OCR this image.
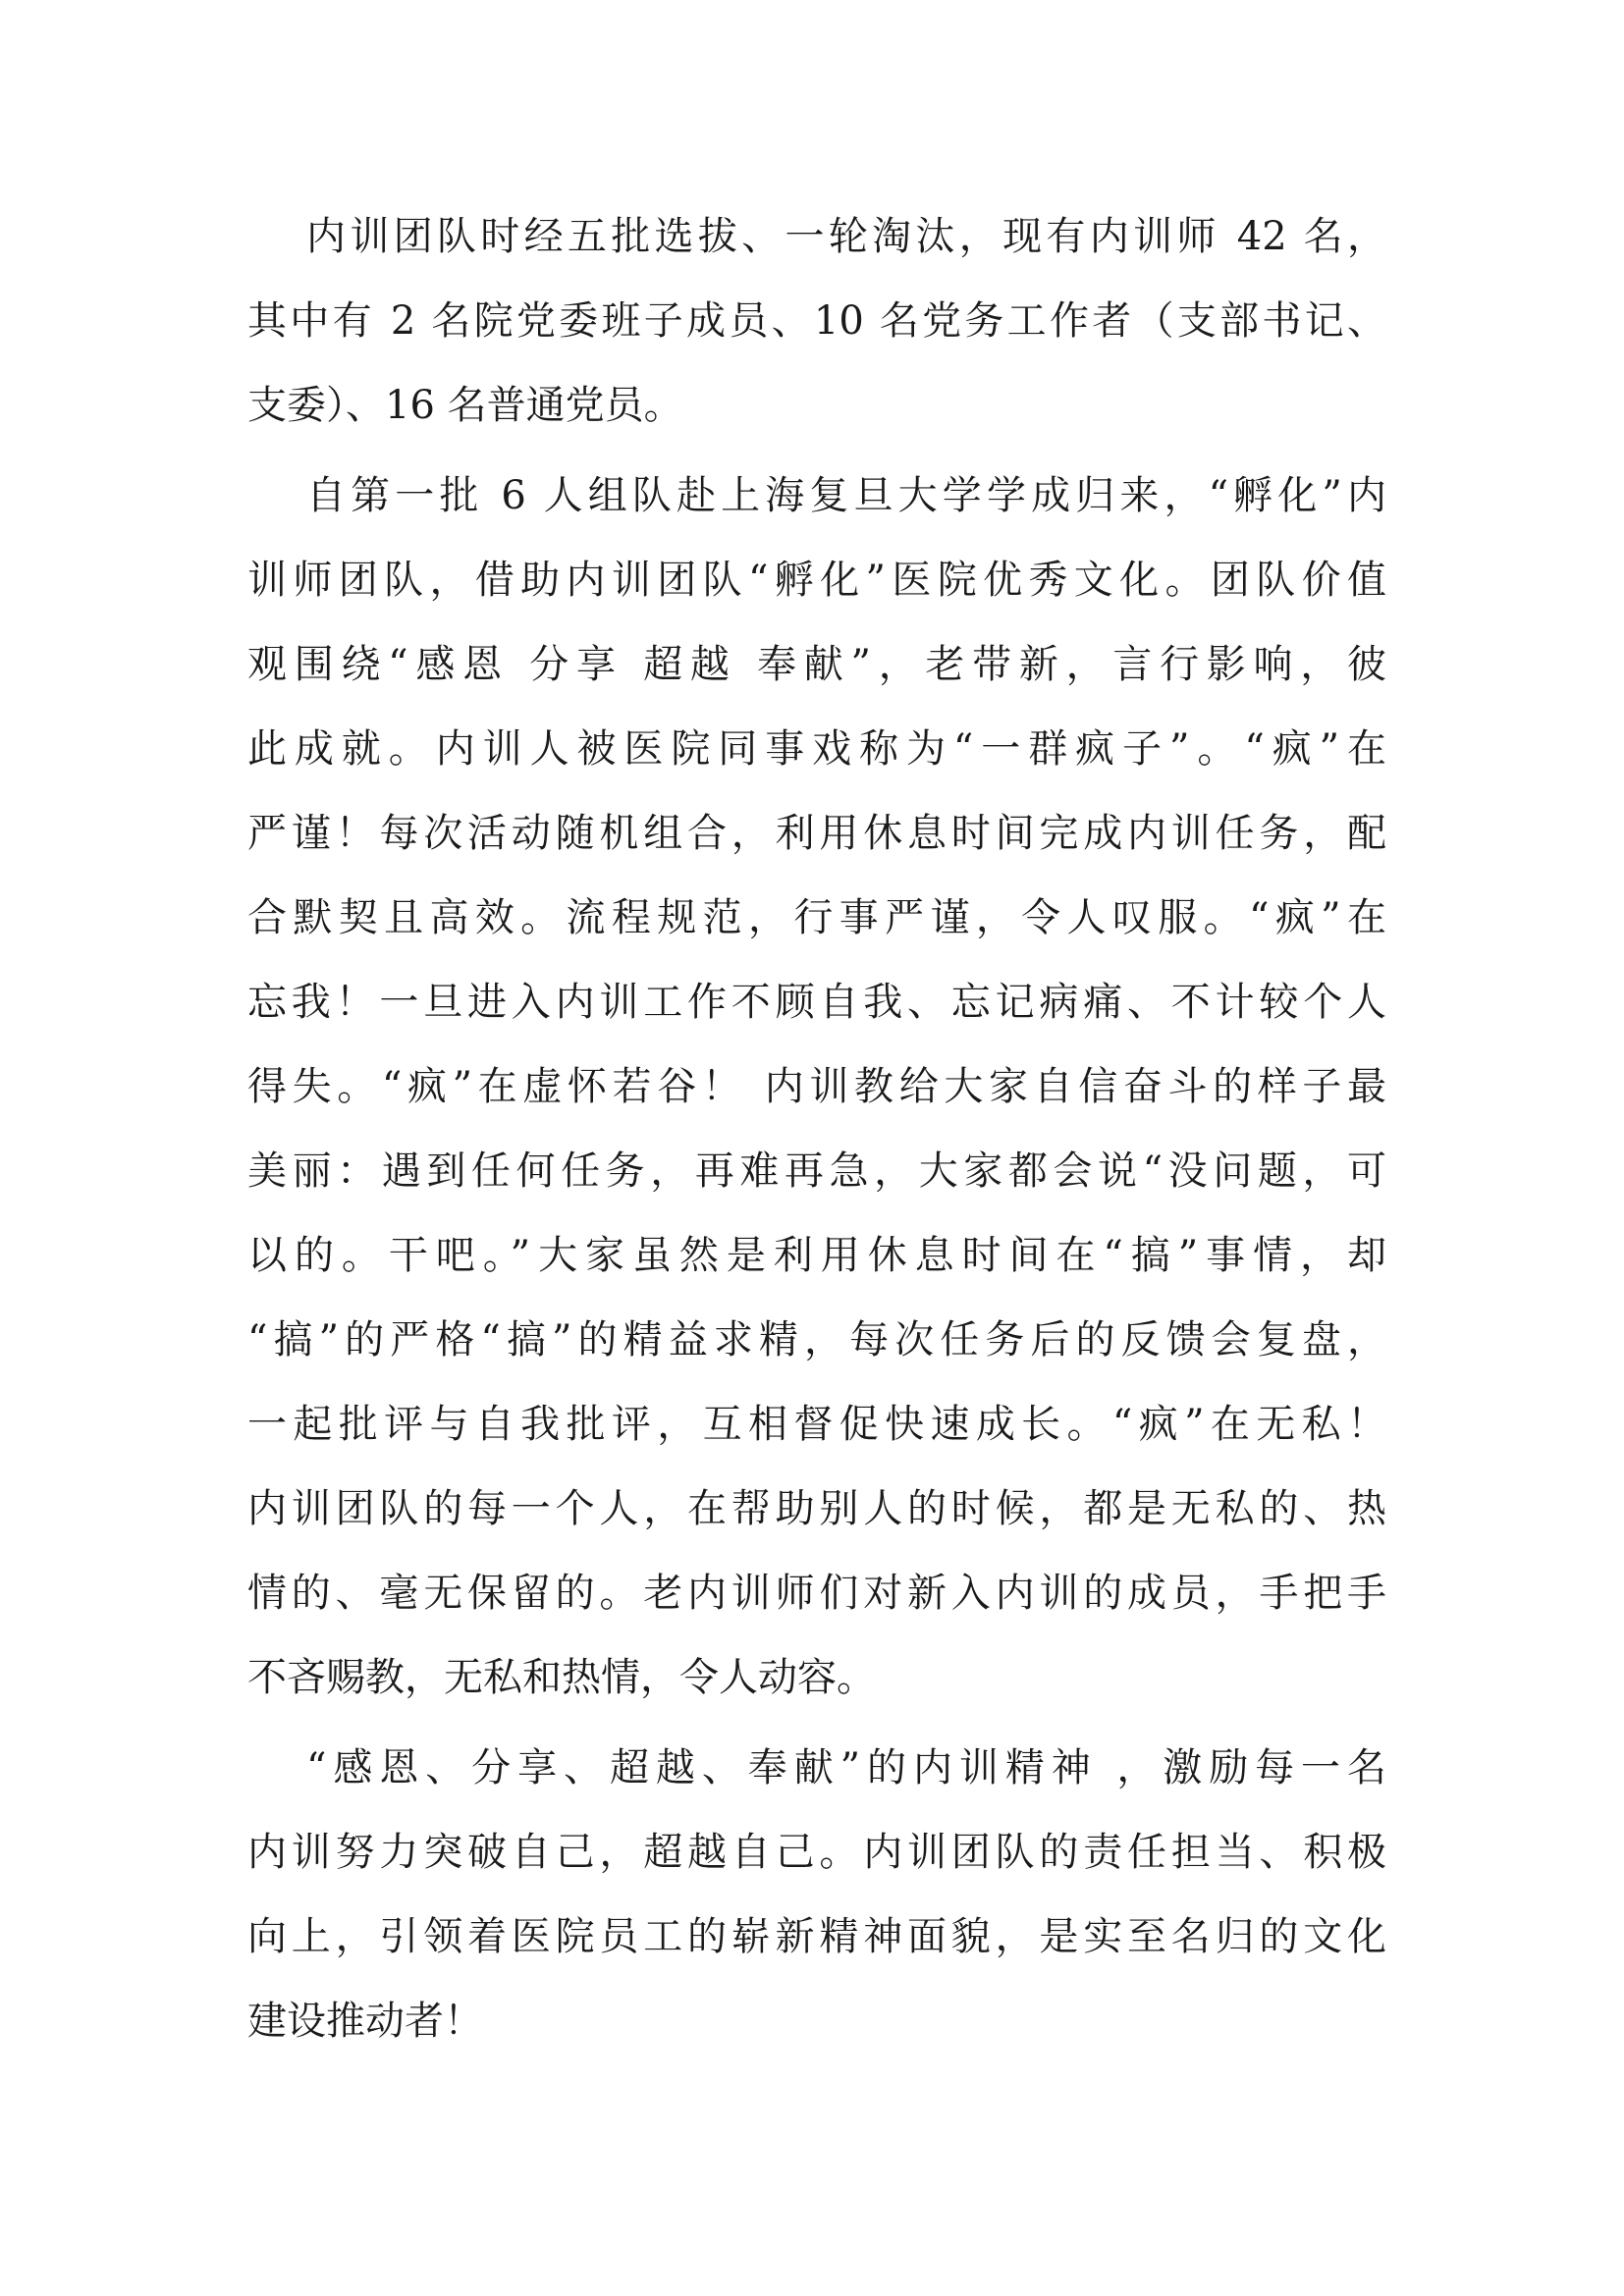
内训团队时经五批选拔、一轮淘汰，现有内训师 42 名，
其中有 2 名院党委班子成员、10 名党务工作者（支部书记、
支委）、16 名普通党员。
自第一批 6 人组队赴上海复旦大学学成归来，“孵化”内
训师团队，借助内训团队“孵化”医院优秀文化。团队价值
观围绕“感恩 分享 超越 奉献”，老带新，言行影响，彼
此成就。内训人被医院同事戏称为“一群疯子”。“疯”在
严谨！每次活动随机组合，利用休息时间完成内训任务，配
合默契且高效。流程规范，行事严谨，令人叹服。“疯”在
忘我！一旦进入内训工作不顾自我、忘记病痛、不计较个人
得失。“疯”在虚怀若谷！ 内训教给大家自信奋斗的样子最
美丽：遇到任何任务，再难再急，大家都会说“没问题，可
以的。干吧。”大家虽然是利用休息时间在“搞”事情，却
“搞”的严格“搞”的精益求精，每次任务后的反馈会复盘，
一起批评与自我批评，互相督促快速成长。“疯”在无私！
内训团队的每一个人，在帮助别人的时候，都是无私的、热
情的、毫无保留的。老内训师们对新入内训的成员，手把手
不吝赐教，无私和热情，令人动容。
“感恩、分享、超越、奉献”的内训精神 ，激励每一名
内训努力突破自己，超越自己。内训团队的责任担当、积极
向上，引领着医院员工的崭新精神面貌，是实至名归的文化
建设推动者！
